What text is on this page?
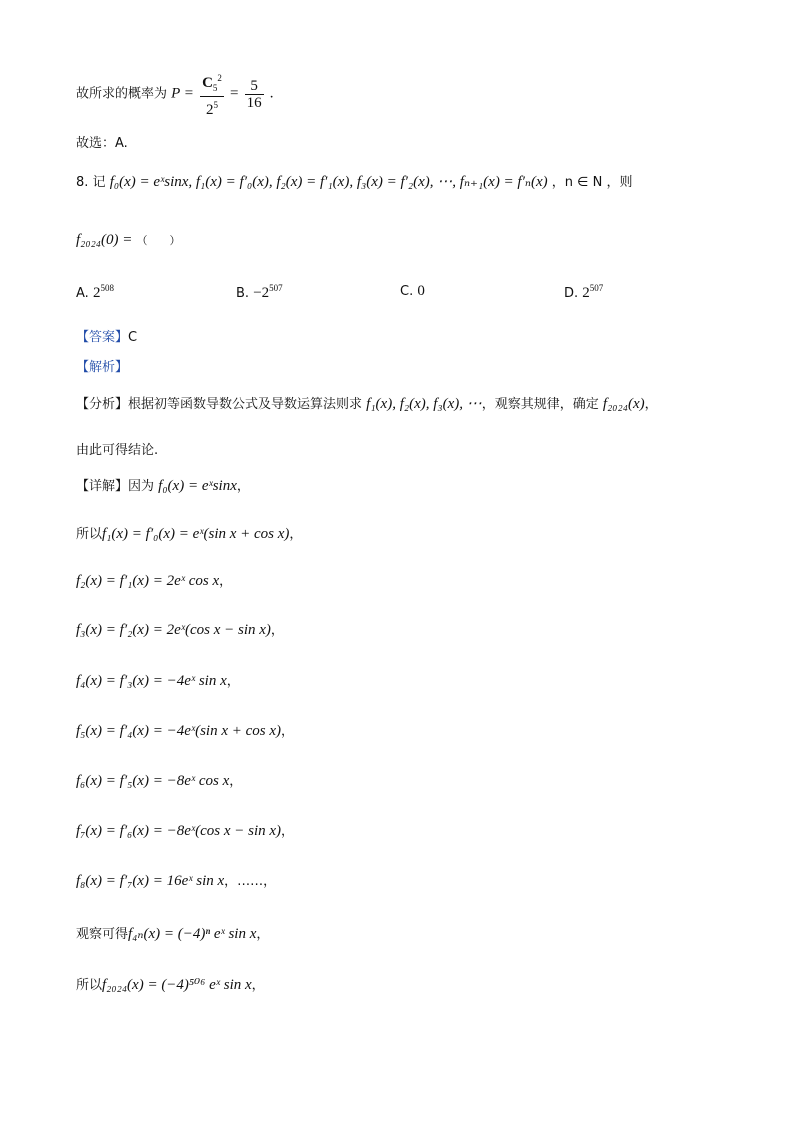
故所求的概率为 $P = \frac{C_5^2}{2^5} = \frac{5}{16}$ .
故选：A.
8. 记 f₀(x) = eˣsinx, f₁(x) = f′₀(x), f₂(x) = f′₁(x), f₃(x) = f′₂(x), ⋯, fₙ₊₁(x) = f′ₙ(x) ，n ∈ N ，则
f₂₀₂₄(0) = （　　）
A. $2^{508}$	B. $-2^{507}$	C. 0	D. $2^{507}$
【答案】C
【解析】
【分析】根据初等函数导数公式及导数运算法则求 f₁(x), f₂(x), f₃(x), ⋯，观察其规律，确定 f₂₀₂₄(x)，
由此可得结论.
【详解】因为 f₀(x) = eˣsinx，
所以f₁(x) = f′₀(x) = eˣ(sin x + cos x)，
f₂(x) = f′₁(x) = 2eˣ cos x，
f₃(x) = f′₂(x) = 2eˣ(cos x − sin x)，
f₄(x) = f′₃(x) = −4eˣ sin x，
f₅(x) = f′₄(x) = −4eˣ(sin x + cos x)，
f₆(x) = f′₅(x) = −8eˣ cos x，
f₇(x) = f′₆(x) = −8eˣ(cos x − sin x)，
f₈(x) = f′₇(x) = 16eˣ sin x，……，
观察可得f₄ₙ(x) = (−4)ⁿ eˣ sin x，
所以f₂₀₂₄(x) = (−4)⁵⁰⁶ eˣ sin x，
